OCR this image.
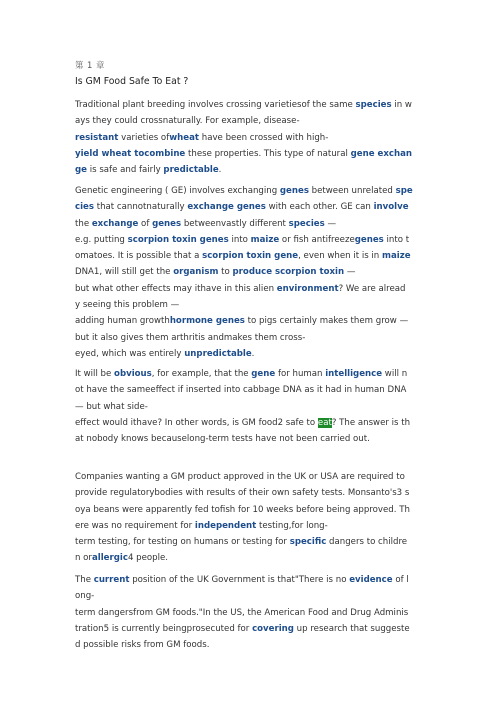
第 1 章
Is GM Food Safe To Eat ?
Traditional plant breeding involves crossing varietiesof the same species in w
ays they could crossnaturally. For example, disease-
resistant varieties ofwheat have been crossed with high-
yield wheat tocombine these properties. This type of natural gene exchan
ge is safe and fairly predictable.
Genetic engineering ( GE) involves exchanging genes between unrelated spe
cies that cannotnaturally exchange genes with each other. GE can involve
the exchange of genes betweenvastly different species —
e.g. putting scorpion toxin genes into maize or fish antifreezegenes into t
omatoes. It is possible that a scorpion toxin gene, even when it is in maize
DNA1, will still get the organism to produce scorpion toxin —
but what other effects may ithave in this alien environment? We are alread
y seeing this problem —
adding human growthhormone genes to pigs certainly makes them grow —
but it also gives them arthritis andmakes them cross-
eyed, which was entirely unpredictable.
It will be obvious, for example, that the gene for human intelligence will n
ot have the sameeffect if inserted into cabbage DNA as it had in human DNA
— but what side-
effect would ithave? In other words, is GM food2 safe to eat? The answer is th
at nobody knows becauselong-term tests have not been carried out.
Companies wanting a GM product approved in the UK or USA are required to
provide regulatorybodies with results of their own safety tests. Monsanto's3 s
oya beans were apparently fed tofish for 10 weeks before being approved. Th
ere was no requirement for independent testing,for long-
term testing, for testing on humans or testing for specific dangers to childre
n orallergic4 people.
The current position of the UK Government is that"There is no evidence of l
ong-
term dangersfrom GM foods."In the US, the American Food and Drug Adminis
tration5 is currently beingprosecuted for covering up research that suggeste
d possible risks from GM foods.
